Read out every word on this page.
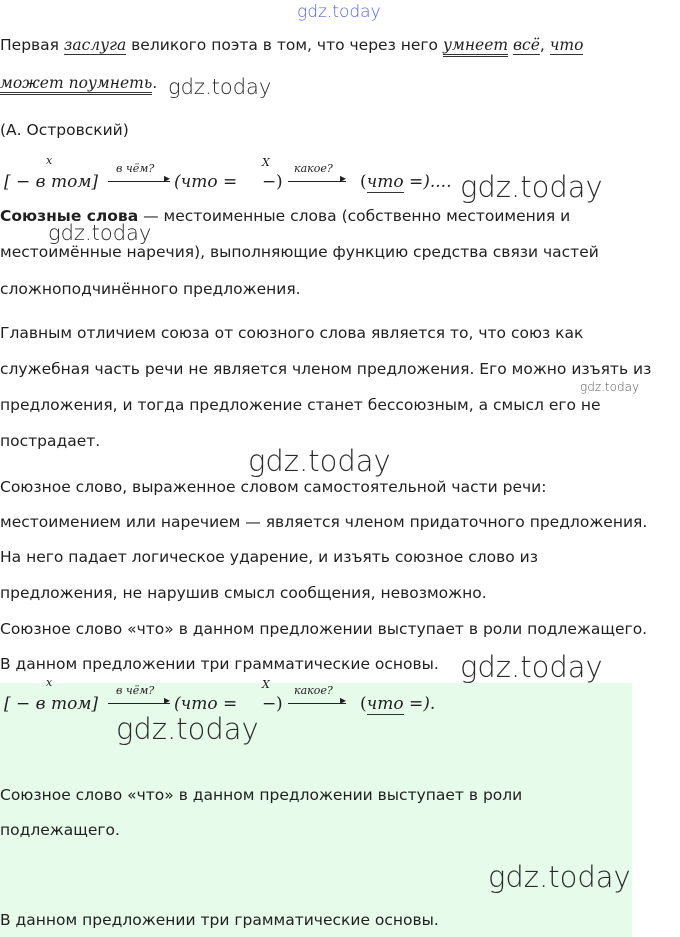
gdz.today
Первая заслуга великого поэта в том, что через него умнеет всё, что
может поумнеть. gdz.today
(А. Островский)
[ − в том]
x
в чём?
▸ (что =
X
− )
какое?
▸ (что =).... gdz.today
Союзные слова — местоименные слова (собственно местоимения и
gdz.today
местоимённые наречия), выполняющие функцию средства связи частей
сложноподчинённого предложения.
Главным отличием союза от союзного слова является то, что союз как
служебная часть речи не является членом предложения. Его можно изъять из
gdz.today
предложения, и тогда предложение станет бессоюзным, а смысл его не
пострадает.
gdz.today
Союзное слово, выраженное словом самостоятельной части речи:
местоимением или наречием — является членом придаточного предложения.
На него падает логическое ударение, и изъять союзное слово из
предложения, не нарушив смысл сообщения, невозможно.
Союзное слово «что» в данном предложении выступает в роли подлежащего.
В данном предложении три грамматические основы. gdz.today
[ − в том]
x
в чём?
▸ (что =
X
− )
какое?
▸ (что =).
gdz.today
Союзное слово «что» в данном предложении выступает в роли
подлежащего.
gdz.today
В данном предложении три грамматические основы.
